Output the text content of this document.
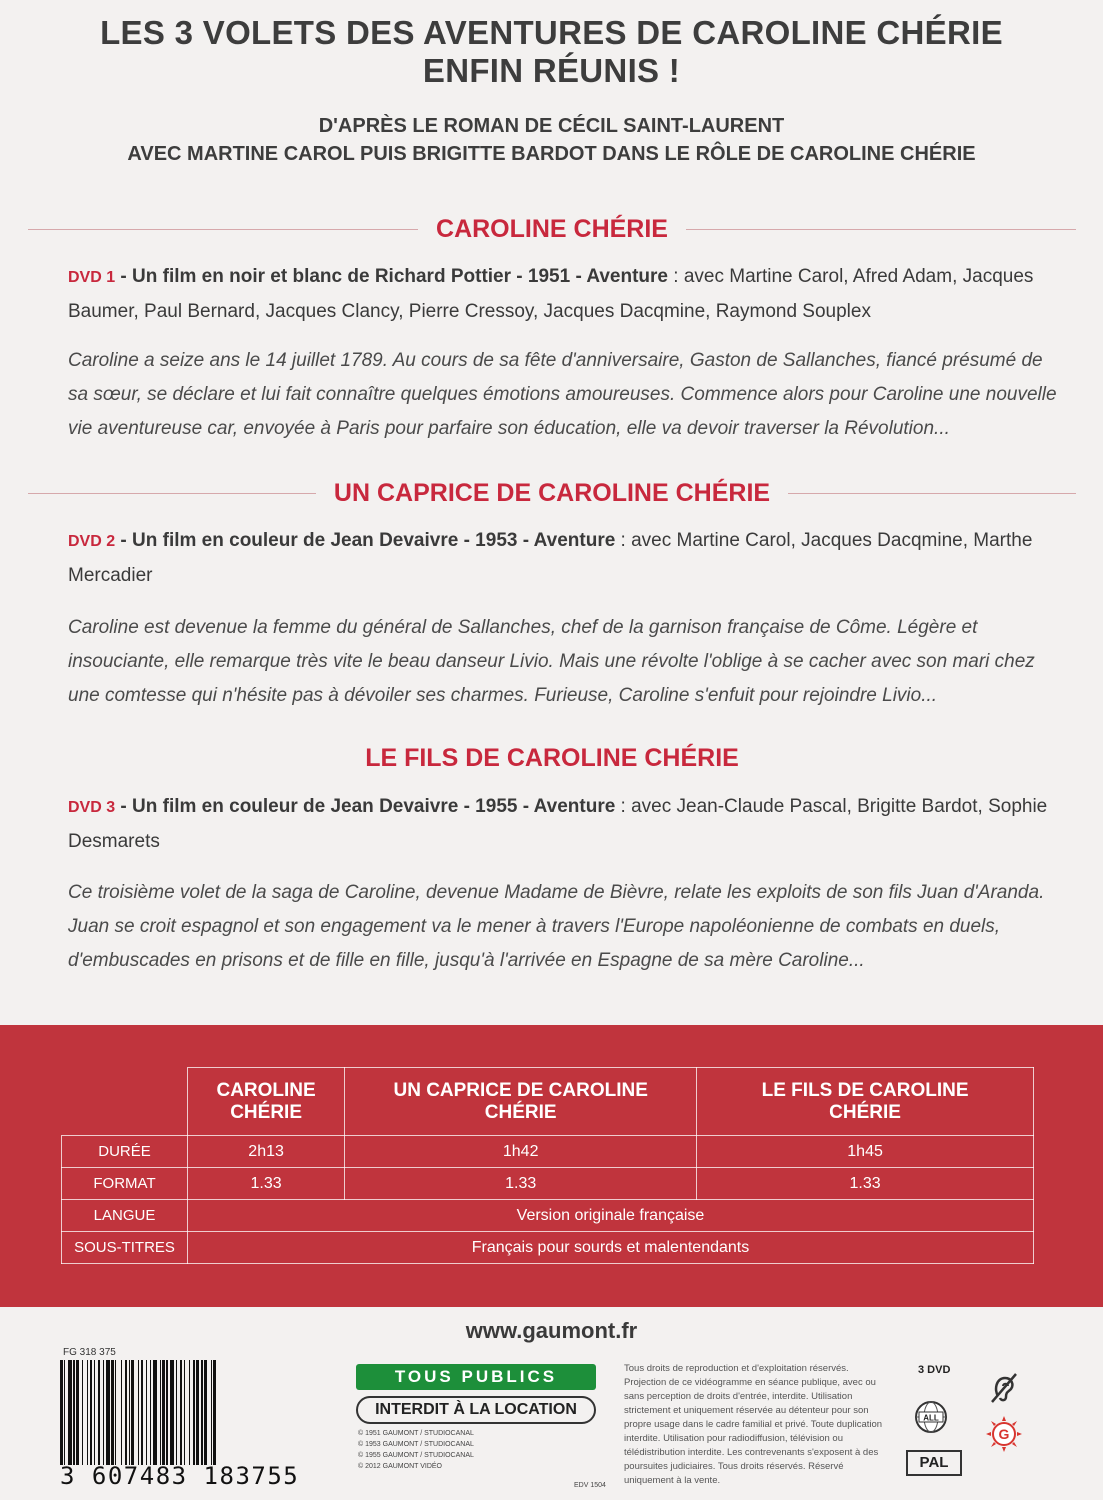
LES 3 VOLETS DES AVENTURES DE CAROLINE CHÉRIE
ENFIN RÉUNIS !
D'APRÈS LE ROMAN DE CÉCIL SAINT-LAURENT
AVEC MARTINE CAROL PUIS BRIGITTE BARDOT DANS LE RÔLE DE CAROLINE CHÉRIE
CAROLINE CHÉRIE
DVD 1 - Un film en noir et blanc de Richard Pottier - 1951 - Aventure : avec Martine Carol, Afred Adam, Jacques Baumer, Paul Bernard, Jacques Clancy, Pierre Cressoy, Jacques Dacqmine, Raymond Souplex
Caroline a seize ans le 14 juillet 1789. Au cours de sa fête d'anniversaire, Gaston de Sallanches, fiancé présumé de sa sœur, se déclare et lui fait connaître quelques émotions amoureuses. Commence alors pour Caroline une nouvelle vie aventureuse car, envoyée à Paris pour parfaire son éducation, elle va devoir traverser la Révolution...
UN CAPRICE DE CAROLINE CHÉRIE
DVD 2 - Un film en couleur de Jean Devaivre - 1953 - Aventure : avec Martine Carol, Jacques Dacqmine, Marthe Mercadier
Caroline est devenue la femme du général de Sallanches, chef de la garnison française de Côme. Légère et insouciante, elle remarque très vite le beau danseur Livio. Mais une révolte l'oblige à se cacher avec son mari chez une comtesse qui n'hésite pas à dévoiler ses charmes. Furieuse, Caroline s'enfuit pour rejoindre Livio...
LE FILS DE CAROLINE CHÉRIE
DVD 3 - Un film en couleur de Jean Devaivre - 1955 - Aventure : avec Jean-Claude Pascal, Brigitte Bardot, Sophie Desmarets
Ce troisième volet de la saga de Caroline, devenue Madame de Bièvre, relate les exploits de son fils Juan d'Aranda. Juan se croit espagnol et son engagement va le mener à travers l'Europe napoléonienne de combats en duels, d'embuscades en prisons et de fille en fille, jusqu'à l'arrivée en Espagne de sa mère Caroline...
	CAROLINE CHÉRIE	UN CAPRICE DE CAROLINE CHÉRIE	LE FILS DE CAROLINE CHÉRIE
DURÉE	2h13	1h42	1h45
FORMAT	1.33	1.33	1.33
LANGUE	Version originale française		
SOUS-TITRES	Français pour sourds et malentendants		
www.gaumont.fr
FG 318 375
3 607483 183755
TOUS PUBLICS
INTERDIT À LA LOCATION
© 1951 GAUMONT / STUDIOCANAL
© 1953 GAUMONT / STUDIOCANAL
© 1955 GAUMONT / STUDIOCANAL
© 2012 GAUMONT VIDÉO
EDV 1504
Tous droits de reproduction et d'exploitation réservés. Projection de ce vidéogramme en séance publique, avec ou sans perception de droits d'entrée, interdite. Utilisation strictement et uniquement réservée au détenteur pour son propre usage dans le cadre familial et privé. Toute duplication interdite. Utilisation pour radiodiffusion, télévision ou télédistribution interdite. Les contrevenants s'exposent à des poursuites judiciaires. Tous droits réservés. Réservé uniquement à la vente.
3 DVD
ALL
G
PAL
